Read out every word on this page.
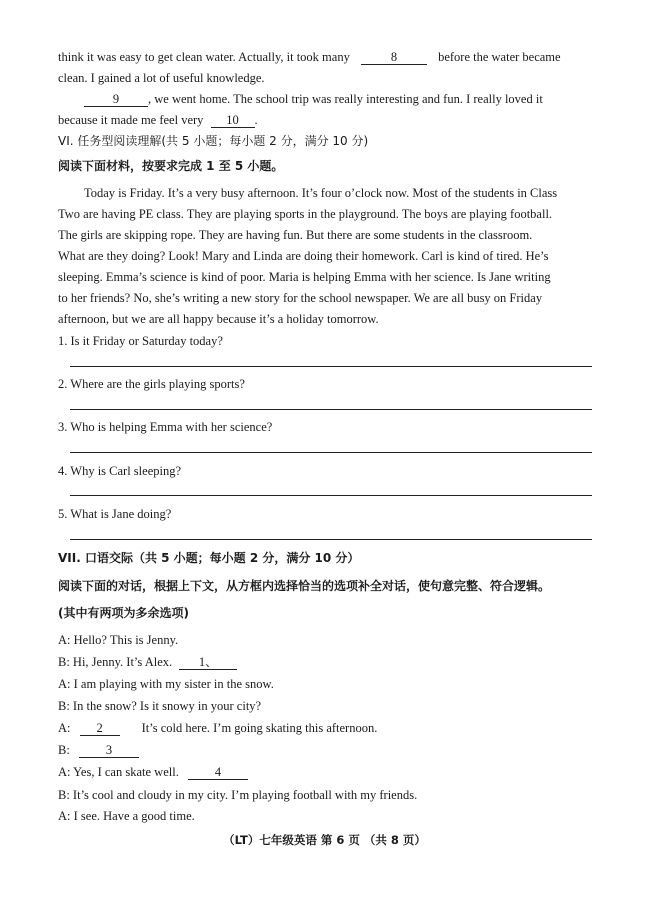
think it was easy to get clean water. Actually, it took many	8	before the water became
clean. I gained a lot of useful knowledge.
9 , we went home. The school trip was really interesting and fun. I really loved it
because it made me feel very 10 .
VI. 任务型阅读理解(共 5 小题；每小题 2 分，满分 10 分)
阅读下面材料，按要求完成 1 至 5 小题。
Today is Friday. It’s a very busy afternoon. It’s four o’clock now. Most of the students in Class
Two are having PE class. They are playing sports in the playground. The boys are playing football.
The girls are skipping rope. They are having fun. But there are some students in the classroom.
What are they doing? Look! Mary and Linda are doing their homework. Carl is kind of tired. He’s
sleeping. Emma’s science is kind of poor. Maria is helping Emma with her science. Is Jane writing
to her friends? No, she’s writing a new story for the school newspaper. We are all busy on Friday
afternoon, but we are all happy because it’s a holiday tomorrow.
1. Is it Friday or Saturday today?
2. Where are the girls playing sports?
3. Who is helping Emma with her science?
4. Why is Carl sleeping?
5. What is Jane doing?
VII. 口语交际（共 5 小题；每小题 2 分，满分 10 分）
阅读下面的对话，根据上下文，从方框内选择恰当的选项补全对话，使句意完整、符合逻辑。
(其中有两项为多余选项)
A: Hello? This is Jenny.
B: Hi, Jenny. It’s Alex. 1、
A: I am playing with my sister in the snow.
B: In the snow? Is it snowy in your city?
A: 2	It’s cold here. I’m going skating this afternoon.
B:	3
A: Yes, I can skate well.	4
B: It’s cool and cloudy in my city. I’m playing football with my friends.
A: I see. Have a good time.
（LT）七年级英语 第 6 页 （共 8 页）
